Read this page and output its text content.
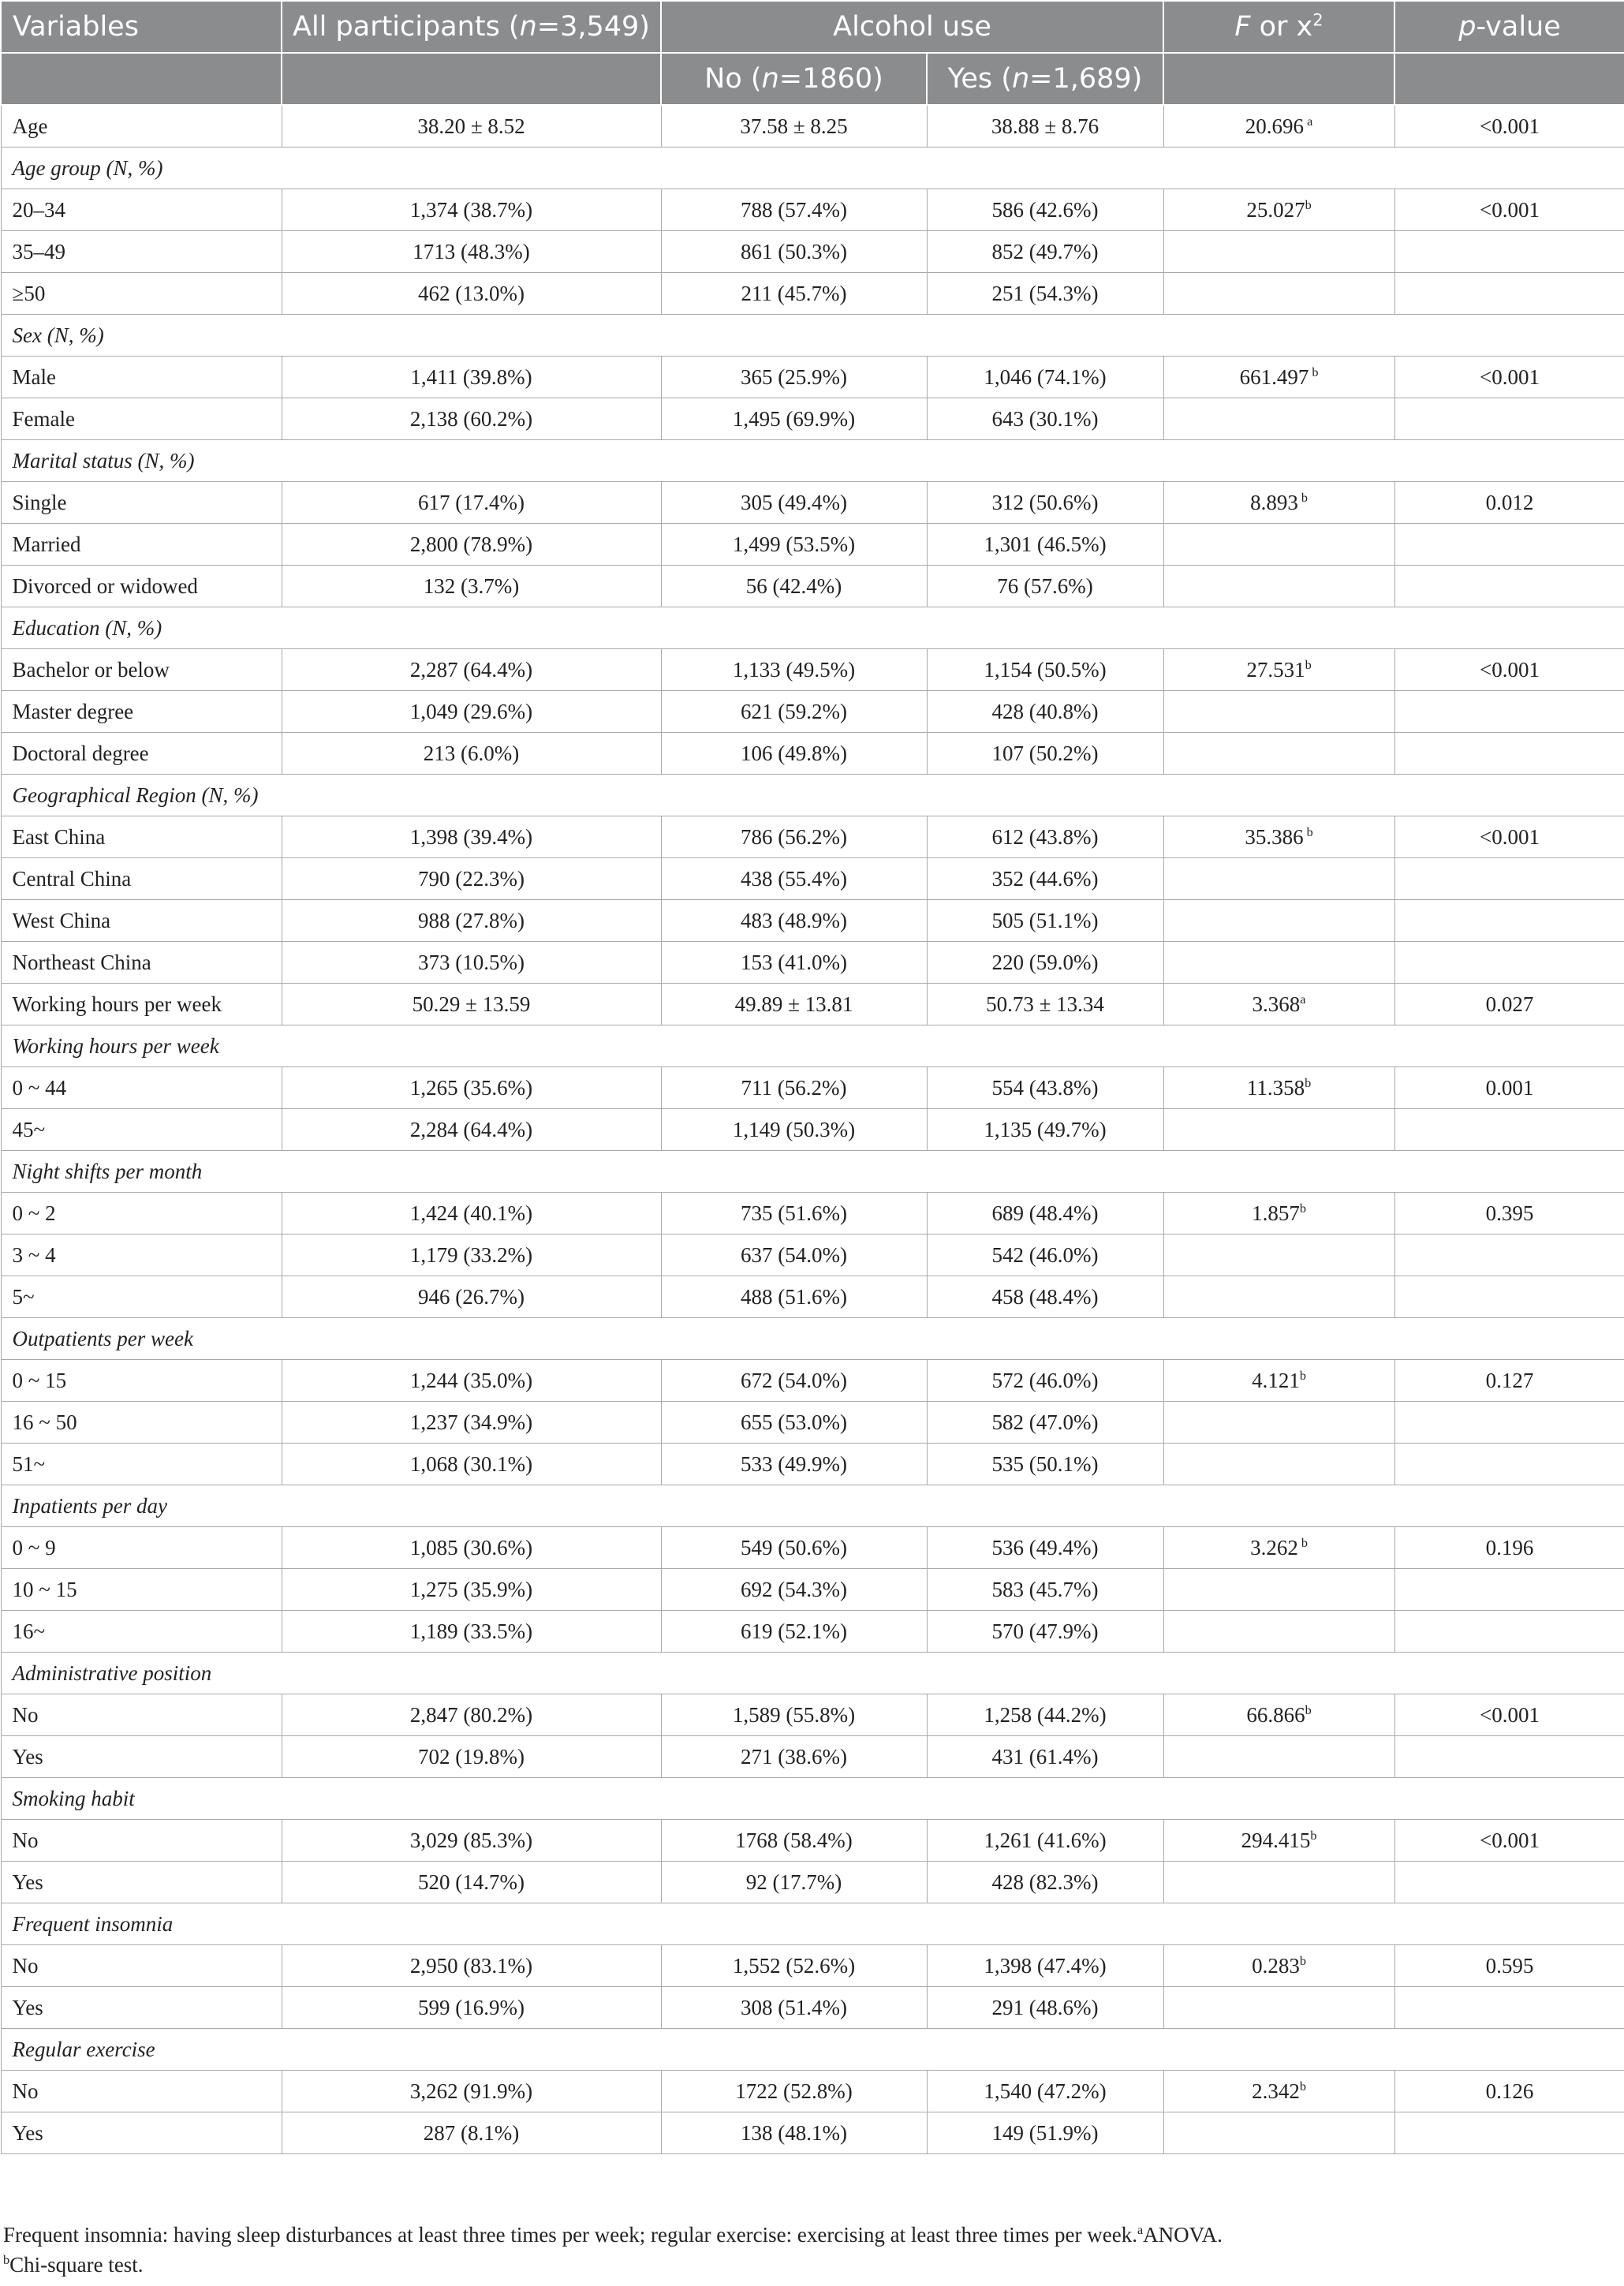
Variables	All participants (n=3,549)	Alcohol use		F or $x^2$	p-value
		No (n=1860)	Yes (n=1,689)		
Age	38.20 ± 8.52	37.58 ± 8.25	38.88 ± 8.76	20.696 $^a$	<0.001
Age group (N, %)					
20–34	1,374 (38.7%)	788 (57.4%)	586 (42.6%)	25.027$^b$	<0.001
35–49	1713 (48.3%)	861 (50.3%)	852 (49.7%)		
≥50	462 (13.0%)	211 (45.7%)	251 (54.3%)		
Sex (N, %)					
Male	1,411 (39.8%)	365 (25.9%)	1,046 (74.1%)	661.497 $^b$	<0.001
Female	2,138 (60.2%)	1,495 (69.9%)	643 (30.1%)		
Marital status (N, %)					
Single	617 (17.4%)	305 (49.4%)	312 (50.6%)	8.893 $^b$	0.012
Married	2,800 (78.9%)	1,499 (53.5%)	1,301 (46.5%)		
Divorced or widowed	132 (3.7%)	56 (42.4%)	76 (57.6%)		
Education (N, %)					
Bachelor or below	2,287 (64.4%)	1,133 (49.5%)	1,154 (50.5%)	27.531$^b$	<0.001
Master degree	1,049 (29.6%)	621 (59.2%)	428 (40.8%)		
Doctoral degree	213 (6.0%)	106 (49.8%)	107 (50.2%)		
Geographical Region (N, %)					
East China	1,398 (39.4%)	786 (56.2%)	612 (43.8%)	35.386 $^b$	<0.001
Central China	790 (22.3%)	438 (55.4%)	352 (44.6%)		
West China	988 (27.8%)	483 (48.9%)	505 (51.1%)		
Northeast China	373 (10.5%)	153 (41.0%)	220 (59.0%)		
Working hours per week	50.29 ± 13.59	49.89 ± 13.81	50.73 ± 13.34	3.368$^a$	0.027
Working hours per week					
0 ~ 44	1,265 (35.6%)	711 (56.2%)	554 (43.8%)	11.358$^b$	0.001
45~	2,284 (64.4%)	1,149 (50.3%)	1,135 (49.7%)		
Night shifts per month					
0 ~ 2	1,424 (40.1%)	735 (51.6%)	689 (48.4%)	1.857$^b$	0.395
3 ~ 4	1,179 (33.2%)	637 (54.0%)	542 (46.0%)		
5~	946 (26.7%)	488 (51.6%)	458 (48.4%)		
Outpatients per week					
0 ~ 15	1,244 (35.0%)	672 (54.0%)	572 (46.0%)	4.121$^b$	0.127
16 ~ 50	1,237 (34.9%)	655 (53.0%)	582 (47.0%)		
51~	1,068 (30.1%)	533 (49.9%)	535 (50.1%)		
Inpatients per day					
0 ~ 9	1,085 (30.6%)	549 (50.6%)	536 (49.4%)	3.262 $^b$	0.196
10 ~ 15	1,275 (35.9%)	692 (54.3%)	583 (45.7%)		
16~	1,189 (33.5%)	619 (52.1%)	570 (47.9%)		
Administrative position					
No	2,847 (80.2%)	1,589 (55.8%)	1,258 (44.2%)	66.866$^b$	<0.001
Yes	702 (19.8%)	271 (38.6%)	431 (61.4%)		
Smoking habit					
No	3,029 (85.3%)	1768 (58.4%)	1,261 (41.6%)	294.415$^b$	<0.001
Yes	520 (14.7%)	92 (17.7%)	428 (82.3%)		
Frequent insomnia					
No	2,950 (83.1%)	1,552 (52.6%)	1,398 (47.4%)	0.283$^b$	0.595
Yes	599 (16.9%)	308 (51.4%)	291 (48.6%)		
Regular exercise					
No	3,262 (91.9%)	1722 (52.8%)	1,540 (47.2%)	2.342$^b$	0.126
Yes	287 (8.1%)	138 (48.1%)	149 (51.9%)		
Frequent insomnia: having sleep disturbances at least three times per week; regular exercise: exercising at least three times per week.$^a$ANOVA.
$^b$Chi-square test.
